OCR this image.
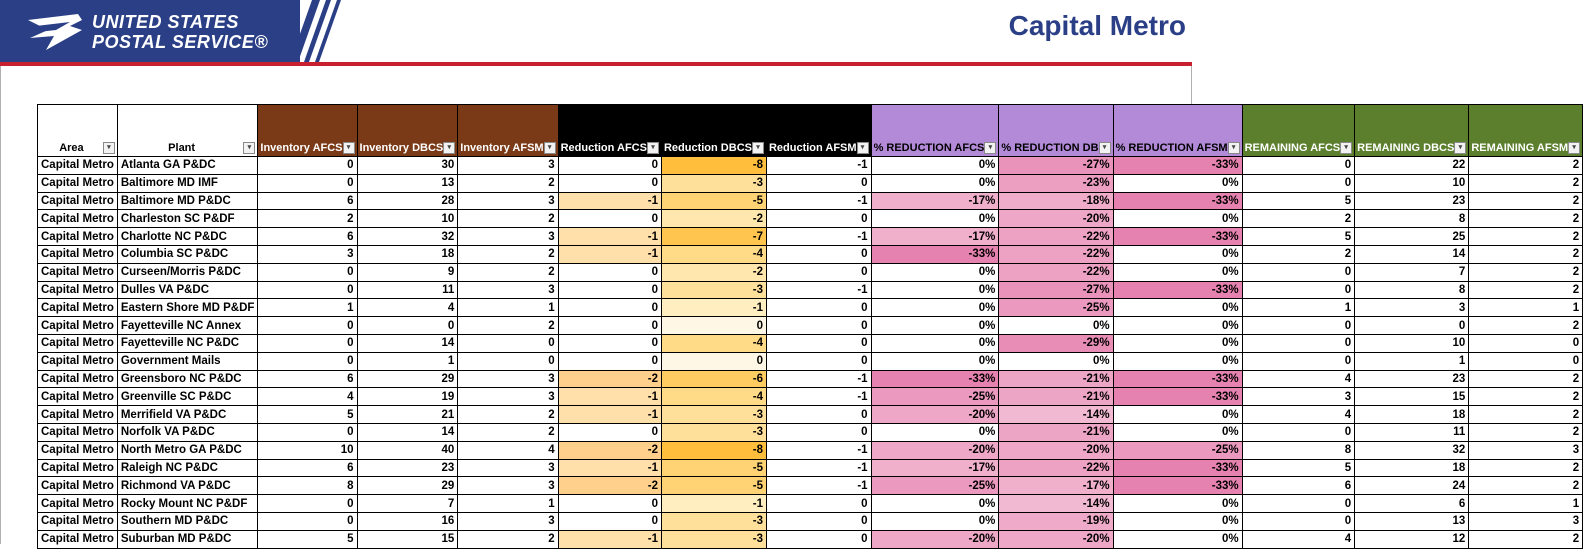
UNITED STATES
POSTAL SERVICE®
Capital Metro
Area ▾	Plant ▾	Inventory AFCS ▾	Inventory DBCS ▾	Inventory AFSM ▾	Reduction AFCS ▾	Reduction DBCS ▾	Reduction AFSM ▾	% REDUCTION AFCS ▾	% REDUCTION DB ▾	% REDUCTION AFSM ▾	REMAINING AFCS ▾	REMAINING DBCS ▾	REMAINING AFSM ▾

Capital Metro	Atlanta GA P&DC	0	30	3	0	-8	-1	0%	-27%	-33%	0	22	2
Capital Metro	Baltimore MD IMF	0	13	2	0	-3	0	0%	-23%	0%	0	10	2
Capital Metro	Baltimore MD P&DC	6	28	3	-1	-5	-1	-17%	-18%	-33%	5	23	2
Capital Metro	Charleston SC P&DF	2	10	2	0	-2	0	0%	-20%	0%	2	8	2
Capital Metro	Charlotte NC P&DC	6	32	3	-1	-7	-1	-17%	-22%	-33%	5	25	2
Capital Metro	Columbia SC P&DC	3	18	2	-1	-4	0	-33%	-22%	0%	2	14	2
Capital Metro	Curseen/Morris P&DC	0	9	2	0	-2	0	0%	-22%	0%	0	7	2
Capital Metro	Dulles VA P&DC	0	11	3	0	-3	-1	0%	-27%	-33%	0	8	2
Capital Metro	Eastern Shore MD P&DF	1	4	1	0	-1	0	0%	-25%	0%	1	3	1
Capital Metro	Fayetteville NC Annex	0	0	2	0	0	0	0%	0%	0%	0	0	2
Capital Metro	Fayetteville NC P&DC	0	14	0	0	-4	0	0%	-29%	0%	0	10	0
Capital Metro	Government Mails	0	1	0	0	0	0	0%	0%	0%	0	1	0
Capital Metro	Greensboro NC P&DC	6	29	3	-2	-6	-1	-33%	-21%	-33%	4	23	2
Capital Metro	Greenville SC P&DC	4	19	3	-1	-4	-1	-25%	-21%	-33%	3	15	2
Capital Metro	Merrifield VA P&DC	5	21	2	-1	-3	0	-20%	-14%	0%	4	18	2
Capital Metro	Norfolk VA P&DC	0	14	2	0	-3	0	0%	-21%	0%	0	11	2
Capital Metro	North Metro GA P&DC	10	40	4	-2	-8	-1	-20%	-20%	-25%	8	32	3
Capital Metro	Raleigh NC P&DC	6	23	3	-1	-5	-1	-17%	-22%	-33%	5	18	2
Capital Metro	Richmond VA P&DC	8	29	3	-2	-5	-1	-25%	-17%	-33%	6	24	2
Capital Metro	Rocky Mount NC P&DF	0	7	1	0	-1	0	0%	-14%	0%	0	6	1
Capital Metro	Southern MD P&DC	0	16	3	0	-3	0	0%	-19%	0%	0	13	3
Capital Metro	Suburban MD P&DC	5	15	2	-1	-3	0	-20%	-20%	0%	4	12	2
